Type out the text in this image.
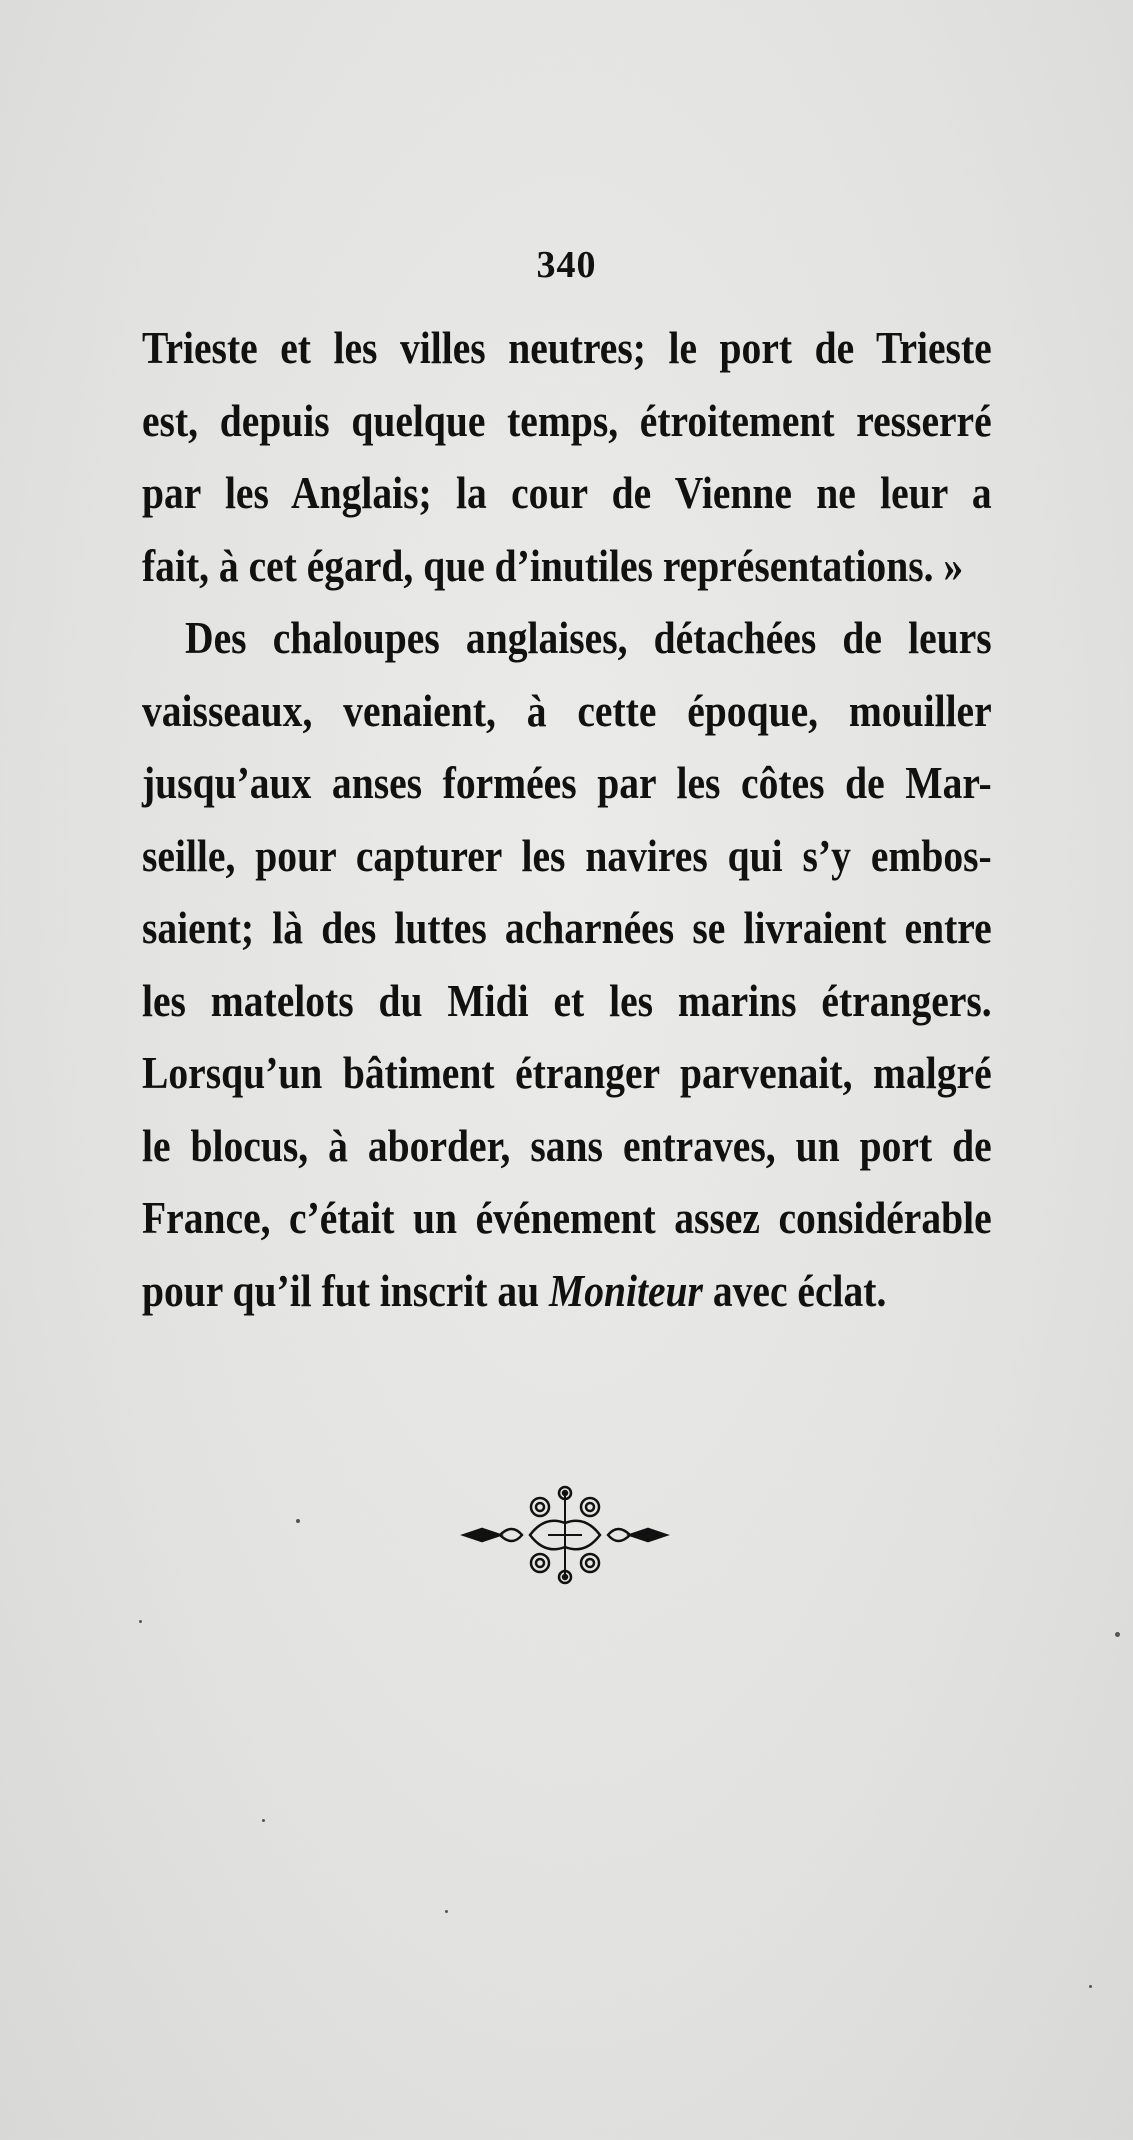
340
Trieste et les villes neutres; le port de Trieste
est, depuis quelque temps, étroitement resserré
par les Anglais; la cour de Vienne ne leur a
fait, à cet égard, que d’inutiles représentations. »
Des chaloupes anglaises, détachées de leurs
vaisseaux, venaient, à cette époque, mouiller
jusqu’aux anses formées par les côtes de Mar-
seille, pour capturer les navires qui s’y embos-
saient; là des luttes acharnées se livraient entre
les matelots du Midi et les marins étrangers.
Lorsqu’un bâtiment étranger parvenait, malgré
le blocus, à aborder, sans entraves, un port de
France, c’était un événement assez considérable
pour qu’il fut inscrit au Moniteur avec éclat.
